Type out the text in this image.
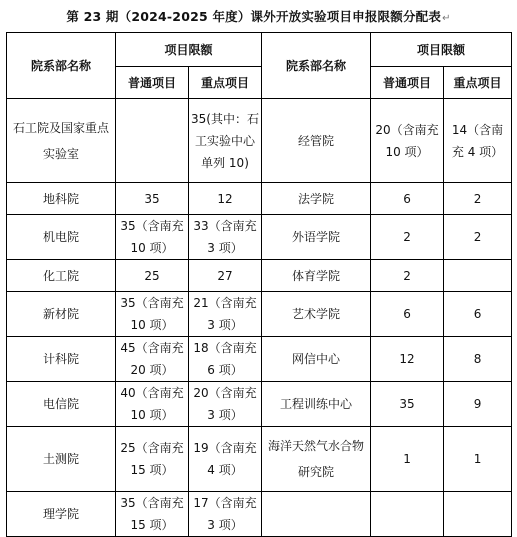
第 23 期（2024-2025 年度）课外开放实验项目申报限额分配表↵
院系部名称	项目限额		院系部名称	项目限额	
	普通项目	重点项目		普通项目	重点项目
石工院及国家重点实验室		35(其中：石工实验中心单列 10)	经管院	20（含南充 10 项）	14（含南充 4 项）
地科院	35	12	法学院	6	2
机电院	35（含南充 10 项）	33（含南充 3 项）	外语学院	2	2
化工院	25	27	体育学院	2	
新材院	35（含南充 10 项）	21（含南充 3 项）	艺术学院	6	6
计科院	45（含南充 20 项）	18（含南充 6 项）	网信中心	12	8
电信院	40（含南充 10 项）	20（含南充 3 项）	工程训练中心	35	9
土测院	25（含南充 15 项）	19（含南充 4 项）	海洋天然气水合物研究院	1	1
理学院	35（含南充 15 项）	17（含南充 3 项）			
